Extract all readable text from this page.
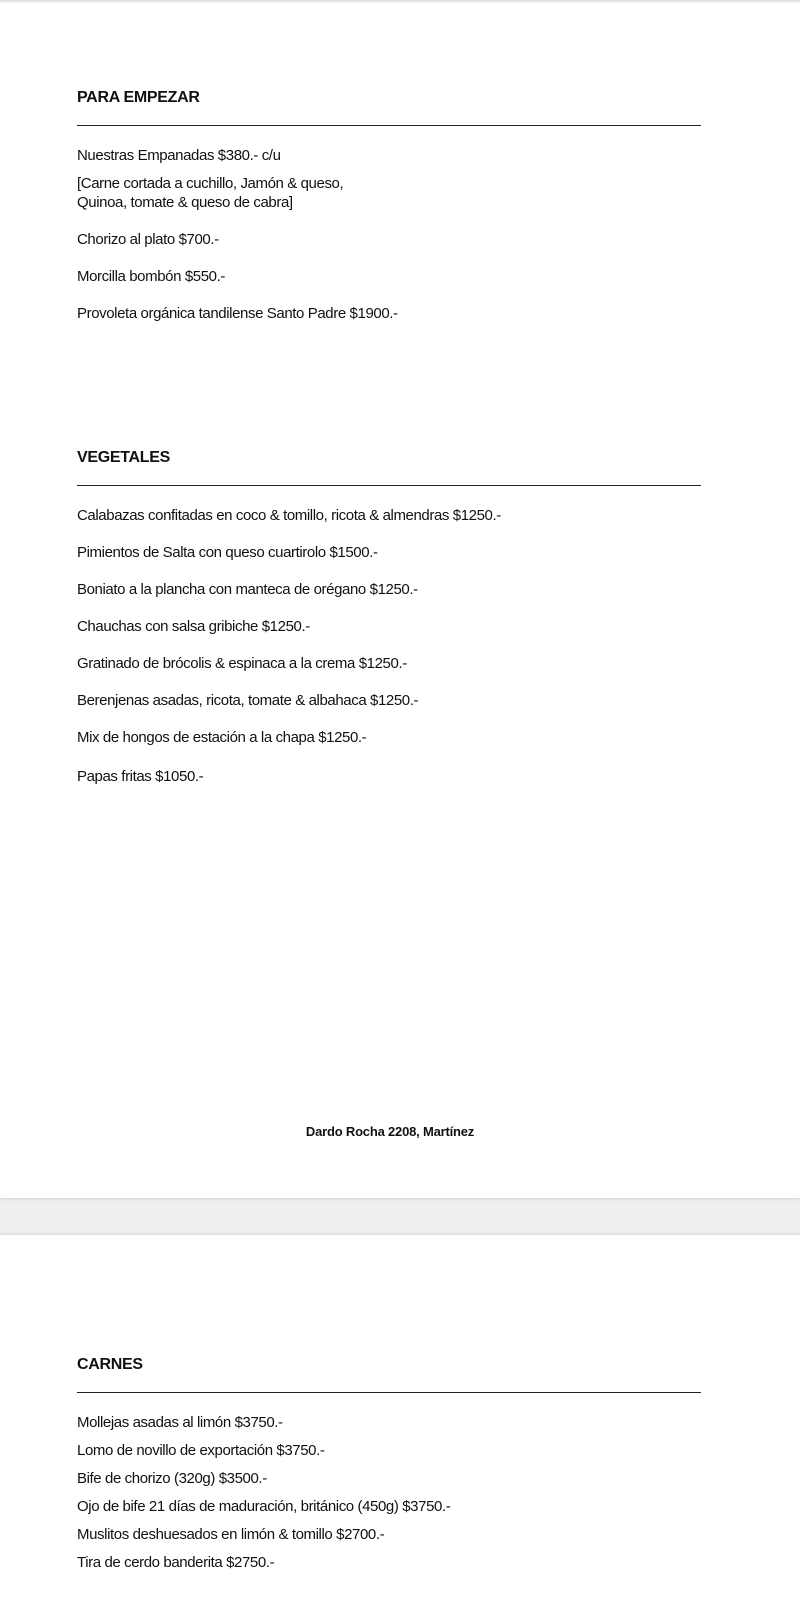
PARA EMPEZAR
Nuestras Empanadas $380.- c/u
[Carne cortada a cuchillo, Jamón & queso,
Quinoa, tomate & queso de cabra]
Chorizo al plato $700.-
Morcilla bombón $550.-
Provoleta orgánica tandilense Santo Padre $1900.-
VEGETALES
Calabazas confitadas en coco & tomillo, ricota & almendras $1250.-
Pimientos de Salta con queso cuartirolo $1500.-
Boniato a la plancha con manteca de orégano $1250.-
Chauchas con salsa gribiche $1250.-
Gratinado de brócolis & espinaca a la crema $1250.-
Berenjenas asadas, ricota, tomate & albahaca $1250.-
Mix de hongos de estación a la chapa $1250.-
Papas fritas $1050.-
Dardo Rocha 2208, Martínez
CARNES
Mollejas asadas al limón $3750.-
Lomo de novillo de exportación $3750.-
Bife de chorizo (320g) $3500.-
Ojo de bife 21 días de maduración, británico (450g) $3750.-
Muslitos deshuesados en limón & tomillo $2700.-
Tira de cerdo banderita $2750.-
